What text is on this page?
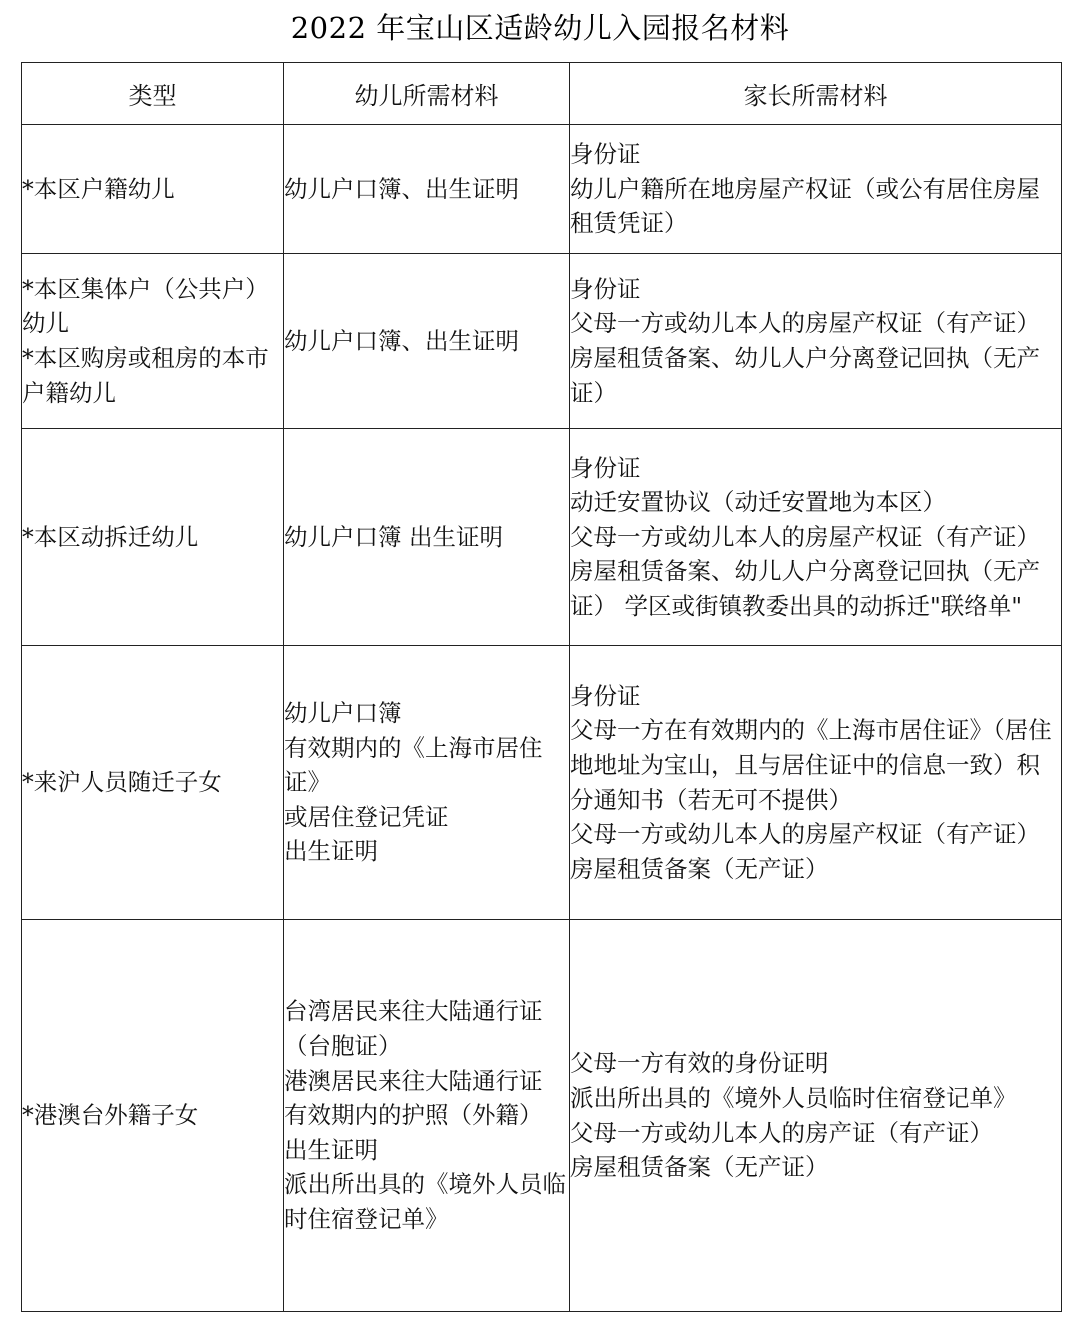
2022 年宝山区适龄幼儿入园报名材料
类型	幼儿所需材料	家长所需材料

*本区户籍幼儿	幼儿户口簿、出生证明	身份证
幼儿户籍所在地房屋产权证（或公有居住房屋租赁凭证）

*本区集体户（公共户）幼儿
*本区购房或租房的本市户籍幼儿	幼儿户口簿、出生证明	身份证
父母一方或幼儿本人的房屋产权证（有产证）
房屋租赁备案、幼儿人户分离登记回执（无产证）

*本区动拆迁幼儿	幼儿户口簿 出生证明	身份证
动迁安置协议（动迁安置地为本区）
父母一方或幼儿本人的房屋产权证（有产证） 房屋租赁备案、幼儿人户分离登记回执（无产证） 学区或街镇教委出具的动拆迁"联络单"

*来沪人员随迁子女	幼儿户口簿
有效期内的《上海市居住证》
或居住登记凭证
出生证明	身份证
父母一方在有效期内的《上海市居住证》（居住 地地址为宝山，且与居住证中的信息一致）积分通知书（若无可不提供）
父母一方或幼儿本人的房屋产权证（有产证）房屋租赁备案（无产证）

*港澳台外籍子女	台湾居民来往大陆通行证（台胞证）
港澳居民来往大陆通行证
有效期内的护照（外籍）
出生证明
派出所出具的《境外人员临时住宿登记单》	父母一方有效的身份证明
派出所出具的《境外人员临时住宿登记单》
父母一方或幼儿本人的房产证（有产证）
房屋租赁备案（无产证）
